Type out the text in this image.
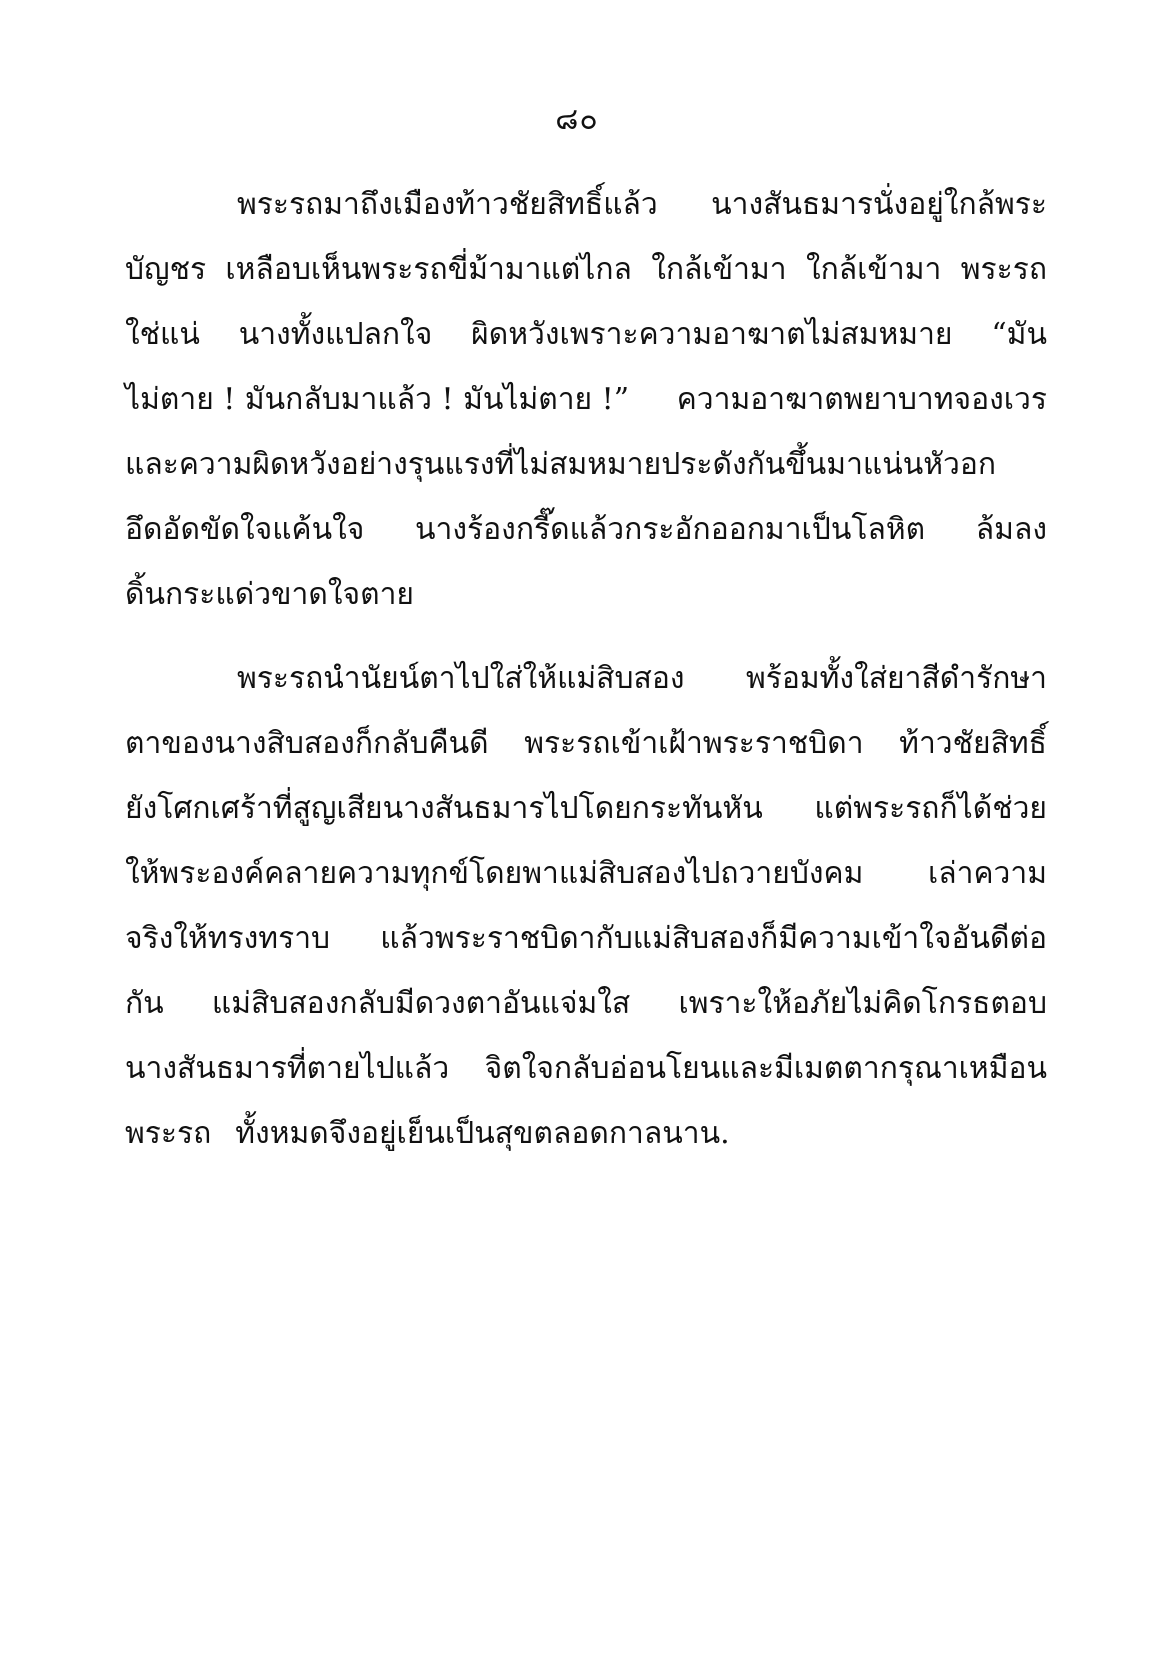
๘๐
พระรถมาถึงเมืองท้าวชัยสิทธิ์แล้ว นางสันธมารนั่งอยู่ใกล้พระ
บัญชร เหลือบเห็นพระรถขี่ม้ามาแต่ไกล ใกล้เข้ามา ใกล้เข้ามา พระรถ
ใช่แน่ นางทั้งแปลกใจ ผิดหวังเพราะความอาฆาตไม่สมหมาย “มัน
ไม่ตาย ! มันกลับมาแล้ว ! มันไม่ตาย !” ความอาฆาตพยาบาทจองเวร
และความผิดหวังอย่างรุนแรงที่ไม่สมหมายประดังกันขึ้นมาแน่นหัวอก
อึดอัดขัดใจแค้นใจ นางร้องกรี๊ดแล้วกระอักออกมาเป็นโลหิต ล้มลง
ดิ้นกระแด่วขาดใจตาย
พระรถนำนัยน์ตาไปใส่ให้แม่สิบสอง พร้อมทั้งใส่ยาสีดำรักษา
ตาของนางสิบสองก็กลับคืนดี พระรถเข้าเฝ้าพระราชบิดา ท้าวชัยสิทธิ์
ยังโศกเศร้าที่สูญเสียนางสันธมารไปโดยกระทันหัน แต่พระรถก็ได้ช่วย
ให้พระองค์คลายความทุกข์โดยพาแม่สิบสองไปถวายบังคม เล่าความ
จริงให้ทรงทราบ แล้วพระราชบิดากับแม่สิบสองก็มีความเข้าใจอันดีต่อ
กัน แม่สิบสองกลับมีดวงตาอันแจ่มใส เพราะให้อภัยไม่คิดโกรธตอบ
นางสันธมารที่ตายไปแล้ว จิตใจกลับอ่อนโยนและมีเมตตากรุณาเหมือน
พระรถ ทั้งหมดจึงอยู่เย็นเป็นสุขตลอดกาลนาน.
